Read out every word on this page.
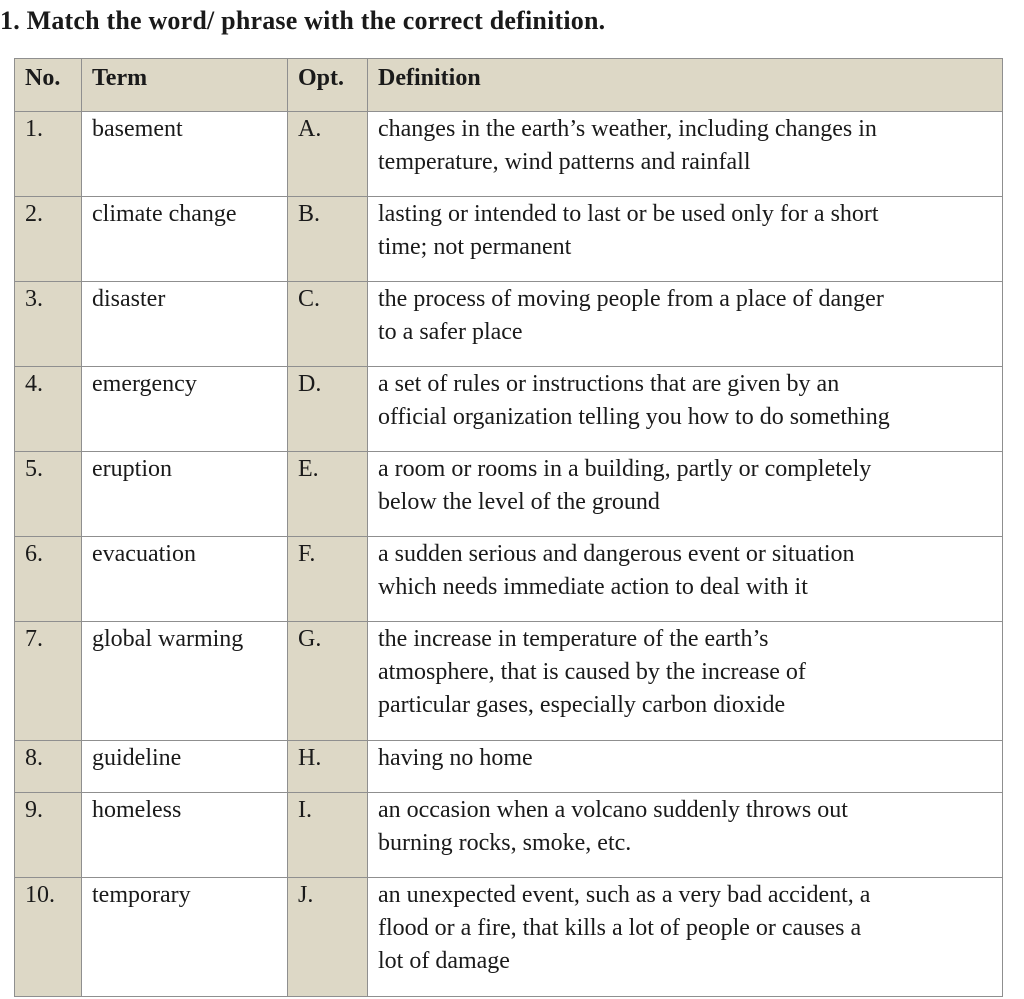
1. Match the word/ phrase with the correct definition.
No.	Term	Opt.	Definition
1.	basement	A.	changes in the earth’s weather, including changes in
temperature, wind patterns and rainfall

2.	climate change	B.	lasting or intended to last or be used only for a short
time; not permanent

3.	disaster	C.	the process of moving people from a place of danger
to a safer place

4.	emergency	D.	a set of rules or instructions that are given by an
official organization telling you how to do something

5.	eruption	E.	a room or rooms in a building, partly or completely
below the level of the ground

6.	evacuation	F.	a sudden serious and dangerous event or situation
which needs immediate action to deal with it

7.	global warming	G.	the increase in temperature of the earth’s
atmosphere, that is caused by the increase of
particular gases, especially carbon dioxide

8.	guideline	H.	having no home

9.	homeless	I.	an occasion when a volcano suddenly throws out
burning rocks, smoke, etc.

10.	temporary	J.	an unexpected event, such as a very bad accident, a
flood or a fire, that kills a lot of people or causes a
lot of damage
